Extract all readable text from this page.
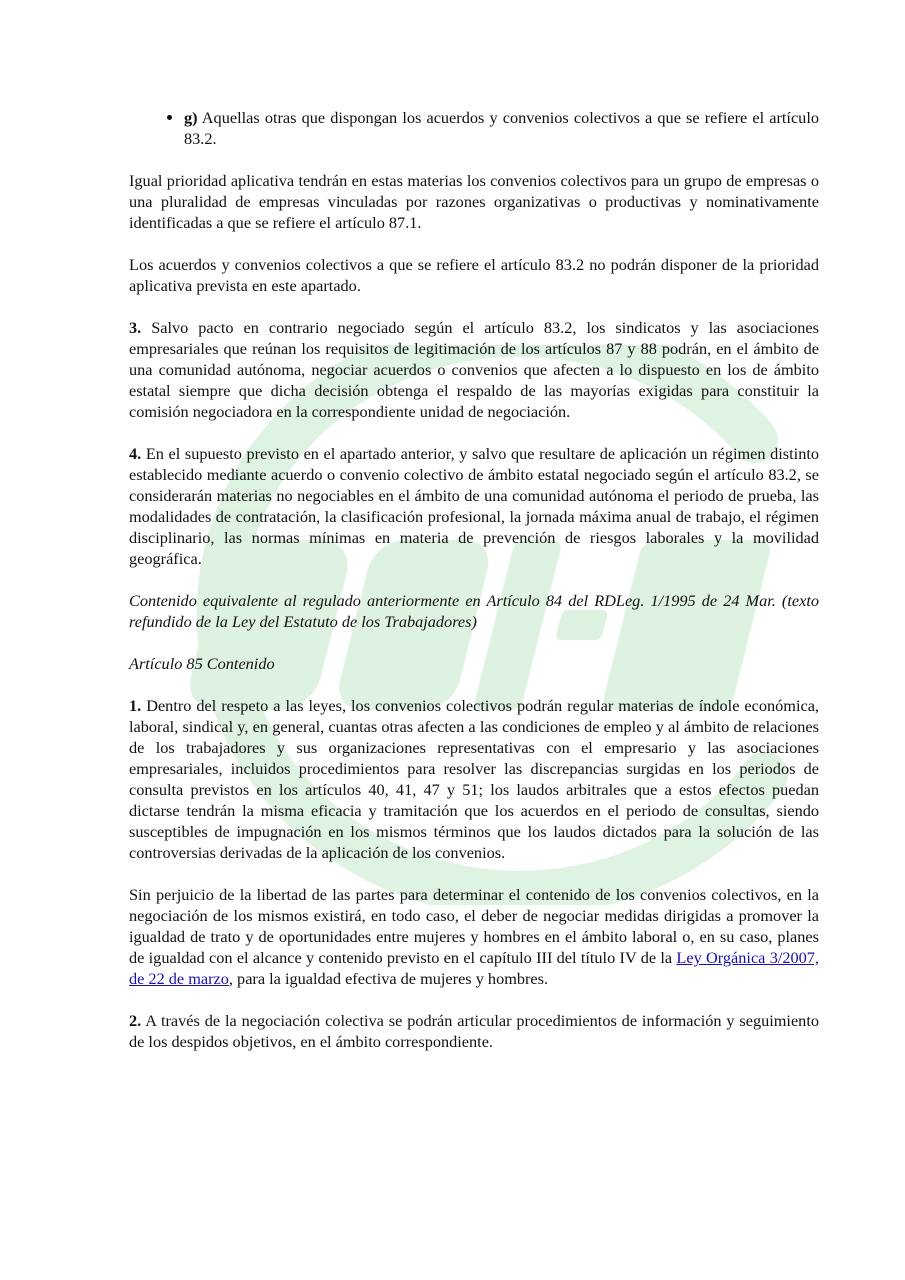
• g) Aquellas otras que dispongan los acuerdos y convenios colectivos a que se refiere el artículo 83.2.

Igual prioridad aplicativa tendrán en estas materias los convenios colectivos para un grupo de empresas o una pluralidad de empresas vinculadas por razones organizativas o productivas y nominativamente identificadas a que se refiere el artículo 87.1.

Los acuerdos y convenios colectivos a que se refiere el artículo 83.2 no podrán disponer de la prioridad aplicativa prevista en este apartado.

3. Salvo pacto en contrario negociado según el artículo 83.2, los sindicatos y las asociaciones empresariales que reúnan los requisitos de legitimación de los artículos 87 y 88 podrán, en el ámbito de una comunidad autónoma, negociar acuerdos o convenios que afecten a lo dispuesto en los de ámbito estatal siempre que dicha decisión obtenga el respaldo de las mayorías exigidas para constituir la comisión negociadora en la correspondiente unidad de negociación.

4. En el supuesto previsto en el apartado anterior, y salvo que resultare de aplicación un régimen distinto establecido mediante acuerdo o convenio colectivo de ámbito estatal negociado según el artículo 83.2, se considerarán materias no negociables en el ámbito de una comunidad autónoma el periodo de prueba, las modalidades de contratación, la clasificación profesional, la jornada máxima anual de trabajo, el régimen disciplinario, las normas mínimas en materia de prevención de riesgos laborales y la movilidad geográfica.

Contenido equivalente al regulado anteriormente en Artículo 84 del RDLeg. 1/1995 de 24 Mar. (texto refundido de la Ley del Estatuto de los Trabajadores)

Artículo 85 Contenido

1. Dentro del respeto a las leyes, los convenios colectivos podrán regular materias de índole económica, laboral, sindical y, en general, cuantas otras afecten a las condiciones de empleo y al ámbito de relaciones de los trabajadores y sus organizaciones representativas con el empresario y las asociaciones empresariales, incluidos procedimientos para resolver las discrepancias surgidas en los periodos de consulta previstos en los artículos 40, 41, 47 y 51; los laudos arbitrales que a estos efectos puedan dictarse tendrán la misma eficacia y tramitación que los acuerdos en el periodo de consultas, siendo susceptibles de impugnación en los mismos términos que los laudos dictados para la solución de las controversias derivadas de la aplicación de los convenios.

Sin perjuicio de la libertad de las partes para determinar el contenido de los convenios colectivos, en la negociación de los mismos existirá, en todo caso, el deber de negociar medidas dirigidas a promover la igualdad de trato y de oportunidades entre mujeres y hombres en el ámbito laboral o, en su caso, planes de igualdad con el alcance y contenido previsto en el capítulo III del título IV de la Ley Orgánica 3/2007, de 22 de marzo, para la igualdad efectiva de mujeres y hombres.

2. A través de la negociación colectiva se podrán articular procedimientos de información y seguimiento de los despidos objetivos, en el ámbito correspondiente.
